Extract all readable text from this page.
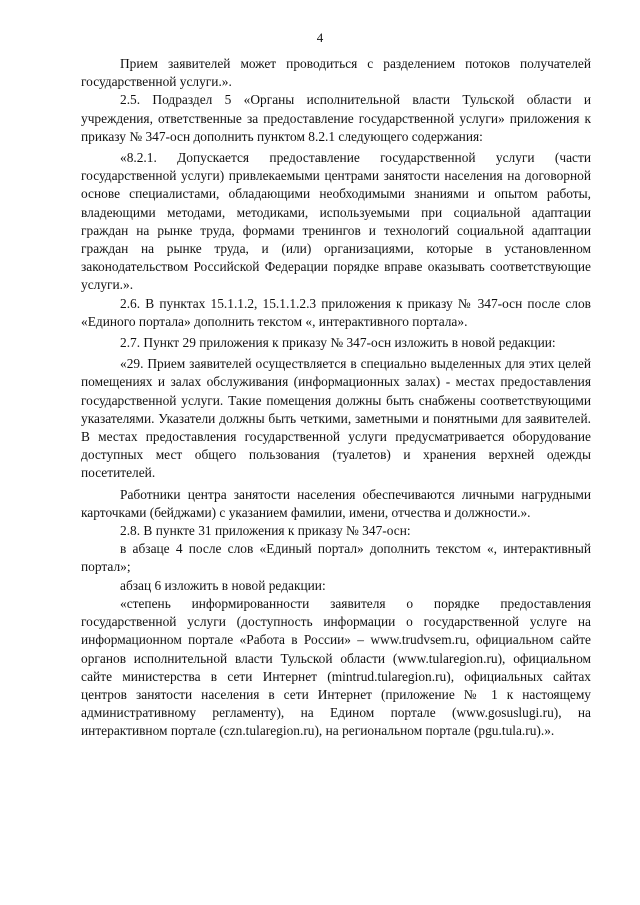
4

Прием заявителей может проводиться с разделением потоков получателей государственной услуги.».

2.5. Подраздел 5 «Органы исполнительной власти Тульской области и учреждения, ответственные за предоставление государственной услуги» приложения к приказу № 347-осн дополнить пунктом 8.2.1 следующего содержания:

«8.2.1. Допускается предоставление государственной услуги (части государственной услуги) привлекаемыми центрами занятости населения на договорной основе специалистами, обладающими необходимыми знаниями и опытом работы, владеющими методами, методиками, используемыми при социальной адаптации граждан на рынке труда, формами тренингов и технологий социальной адаптации граждан на рынке труда, и (или) организациями, которые в установленном законодательством Российской Федерации порядке вправе оказывать соответствующие услуги.».

2.6. В пунктах 15.1.1.2, 15.1.1.2.3 приложения к приказу № 347-осн после слов «Единого портала» дополнить текстом «, интерактивного портала».

2.7. Пункт 29 приложения к приказу № 347-осн изложить в новой редакции:

«29. Прием заявителей осуществляется в специально выделенных для этих целей помещениях и залах обслуживания (информационных залах) - местах предоставления государственной услуги. Такие помещения должны быть снабжены соответствующими указателями. Указатели должны быть четкими, заметными и понятными для заявителей. В местах предоставления государственной услуги предусматривается оборудование доступных мест общего пользования (туалетов) и хранения верхней одежды посетителей.

Работники центра занятости населения обеспечиваются личными нагрудными карточками (бейджами) с указанием фамилии, имени, отчества и должности.».

2.8. В пункте 31 приложения к приказу № 347-осн:

в абзаце 4 после слов «Единый портал» дополнить текстом «, интерактивный портал»;

абзац 6 изложить в новой редакции:

«степень информированности заявителя о порядке предоставления государственной услуги (доступность информации о государственной услуге на информационном портале «Работа в России» – www.trudvsem.ru, официальном сайте органов исполнительной власти Тульской области (www.tularegion.ru), официальном сайте министерства в сети Интернет (mintrud.tularegion.ru), официальных сайтах центров занятости населения в сети Интернет (приложение № 1 к настоящему административному регламенту), на Едином портале (www.gosuslugi.ru), на интерактивном портале (czn.tularegion.ru), на региональном портале (pgu.tula.ru).».
